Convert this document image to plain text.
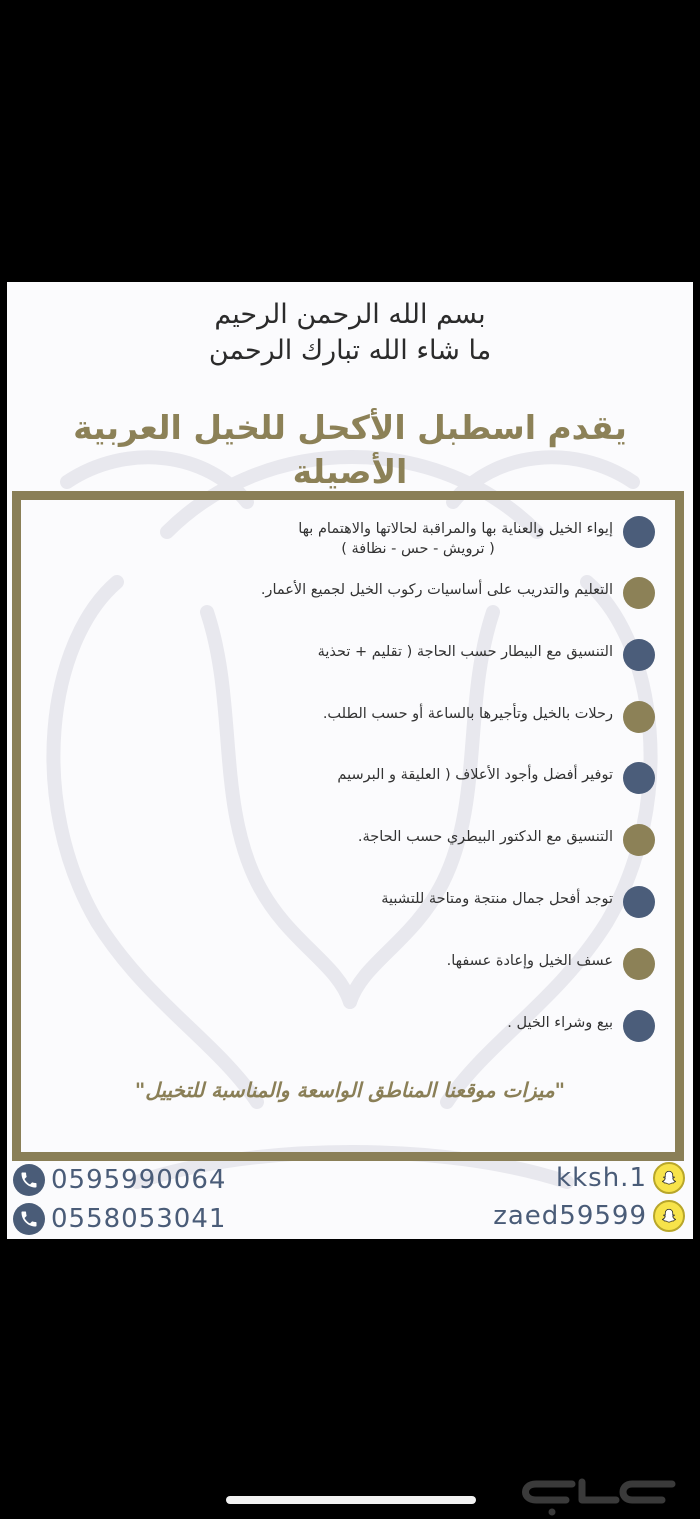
بسم الله الرحمن الرحيم
ما شاء الله تبارك الرحمن
يقدم اسطبل الأكحل للخيل العربية الأصيلة
إيواء الخيل والعناية بها والمراقبة لحالاتها والاهتمام بها
( ترويش - حس - نظافة )
التعليم والتدريب على أساسيات ركوب الخيل لجميع الأعمار.
التنسيق مع البيطار حسب الحاجة ( تقليم + تحذية
رحلات بالخيل وتأجيرها بالساعة أو حسب الطلب.
توفير أفضل وأجود الأعلاف ( العليقة و البرسيم
التنسيق مع الدكتور البيطري حسب الحاجة.
توجد أفحل جمال منتجة ومتاحة للتشبية
عسف الخيل وإعادة عسفها.
بيع وشراء الخيل .
"ميزات موقعنا المناطق الواسعة والمناسبة للتخييل"
0595990064
0558053041
kksh.1
zaed59599
